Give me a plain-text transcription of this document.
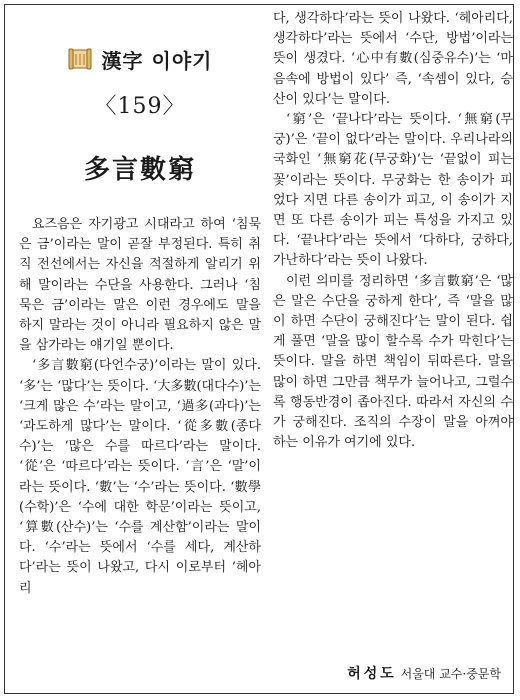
漢字 이야기
〈159〉
多言數窮

요즈음은 자기광고 시대라고 하여 ‘침묵은 금’이라는 말이 곧잘 부정된다. 특히 취직 전선에서는 자신을 적절하게 알리기 위해 말이라는 수단을 사용한다. 그러나 ‘침묵은 금’이라는 말은 이런 경우에도 말을 하지 말라는 것이 아니라 필요하지 않은 말을 삼가라는 얘기일 뿐이다.

‘多言數窮(다언수궁)’이라는 말이 있다. ‘多’는 ‘많다’는 뜻이다. ‘大多數(대다수)’는 ‘크게 많은 수’라는 말이고, ‘過多(과다)’는 ‘과도하게 많다’는 말이다. ‘從多數(종다수)’는 ‘많은 수를 따르다’라는 말이다. ‘從’은 ‘따르다’라는 뜻이다. ‘言’은 ‘말’이라는 뜻이다. ‘數’는 ‘수’라는 뜻이다. ‘數學(수학)’은 ‘수에 대한 학문’이라는 뜻이고, ‘算數(산수)’는 ‘수를 계산함’이라는 말이다. ‘수’라는 뜻에서 ‘수를 세다, 계산하다’라는 뜻이 나왔고, 다시 이로부터 ‘헤아리

다, 생각하다’라는 뜻이 나왔다. ‘헤아리다, 생각하다’라는 뜻에서 ‘수단, 방법’이라는 뜻이 생겼다. ‘心中有數(심중유수)’는 ‘마음속에 방법이 있다’ 즉, ‘속셈이 있다, 승산이 있다’는 말이다.

‘窮’은 ‘끝나다’라는 뜻이다. ‘無窮(무궁)’은 ‘끝이 없다’라는 말이다. 우리나라의 국화인 ‘無窮花(무궁화)’는 ‘끝없이 피는 꽃’이라는 뜻이다. 무궁화는 한 송이가 피었다 지면 다른 송이가 피고, 이 송이가 지면 또 다른 송이가 피는 특성을 가지고 있다. ‘끝나다’라는 뜻에서 ‘다하다, 궁하다, 가난하다’라는 뜻이 나왔다.

이런 의미를 정리하면 ‘多言數窮’은 ‘많은 말은 수단을 궁하게 한다’, 즉 ‘말을 많이 하면 수단이 궁해진다’는 말이 된다. 쉽게 풀면 ‘말을 많이 할수록 수가 막힌다’는 뜻이다. 말을 하면 책임이 뒤따른다. 말을 많이 하면 그만큼 책무가 늘어나고, 그럴수록 행동반경이 좁아진다. 따라서 자신의 수가 궁해진다. 조직의 수장이 말을 아껴야 하는 이유가 여기에 있다.

허성도 서울대 교수·중문학
